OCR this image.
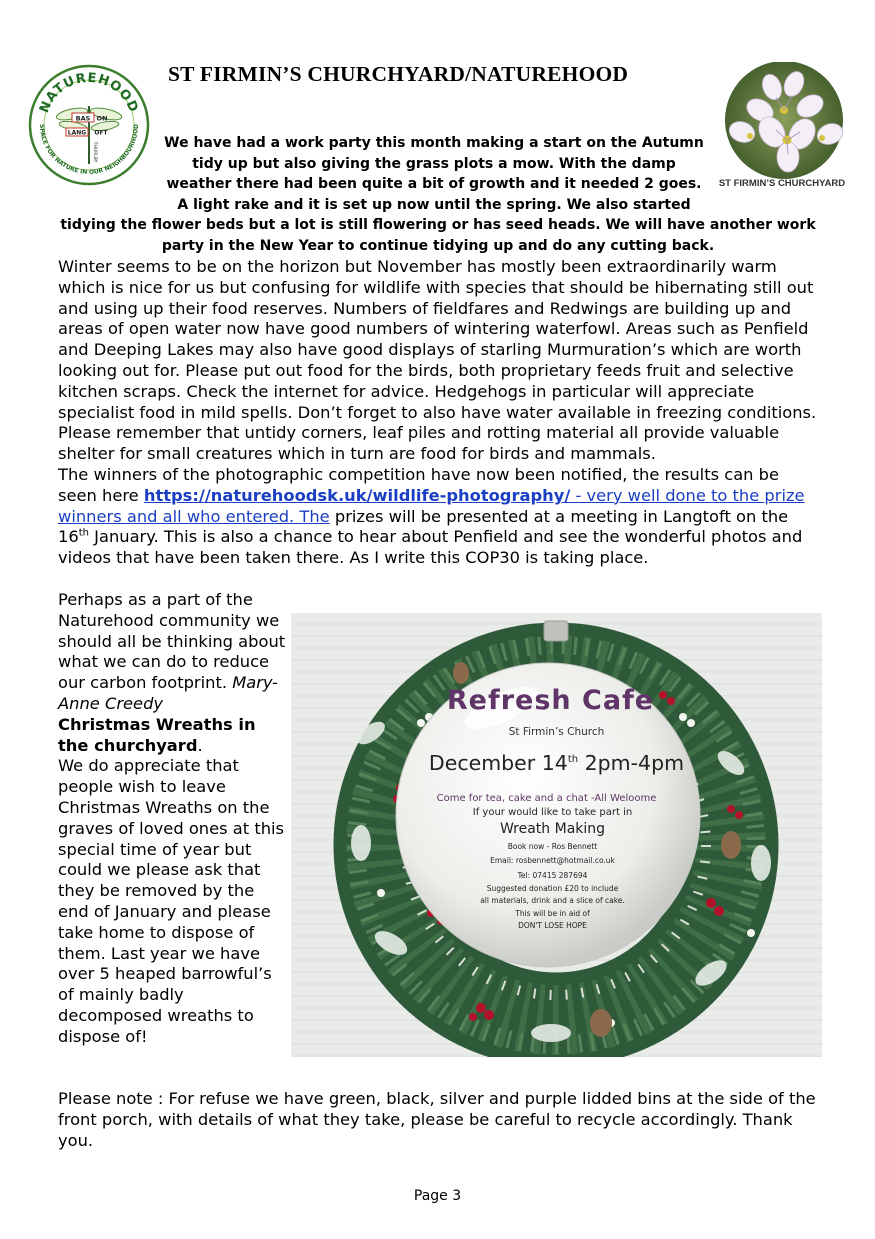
ST FIRMIN’S CHURCHYARD/NATUREHOOD
NATUREHOOD
SPACE FOR NATURE IN OUR NEIGHBOURHOOD
BAS ON
LANG OFT
THURLBY
ST FIRMIN’S CHURCHYARD
We have had a work party this month making a start on the Autumn
tidy up but also giving the grass plots a mow. With the damp
weather there had been quite a bit of growth and it needed 2 goes.
A light rake and it is set up now until the spring. We also started
tidying the flower beds but a lot is still flowering or has seed heads. We will have another work
party in the New Year to continue tidying up and do any cutting back.

Winter seems to be on the horizon but November has mostly been extraordinarily warm which is nice for us but confusing for wildlife with species that should be hibernating still out and using up their food reserves. Numbers of fieldfares and Redwings are building up and areas of open water now have good numbers of wintering waterfowl. Areas such as Penfield and Deeping Lakes may also have good displays of starling Murmuration’s which are worth looking out for. Please put out food for the birds, both proprietary feeds fruit and selective kitchen scraps. Check the internet for advice. Hedgehogs in particular will appreciate specialist food in mild spells. Don’t forget to also have water available in freezing conditions. Please remember that untidy corners, leaf piles and rotting material all provide valuable shelter for small creatures which in turn are food for birds and mammals.

The winners of the photographic competition have now been notified, the results can be seen here https://naturehoodsk.uk/wildlife-photography/ - very well done to the prize winners and all who entered. The prizes will be presented at a meeting in Langtoft on the 16th January. This is also a chance to hear about Penfield and see the wonderful photos and videos that have been taken there. As I write this COP30 is taking place.

Perhaps as a part of the Naturehood community we should all be thinking about what we can do to reduce our carbon footprint. Mary-Anne Creedy

Christmas Wreaths in the churchyard.

We do appreciate that people wish to leave Christmas Wreaths on the graves of loved ones at this special time of year but could we please ask that they be removed by the end of January and please take home to dispose of them. Last year we have over 5 heaped barrowful’s of mainly badly decomposed wreaths to dispose of!

Refresh Cafe
St Firmin’s Church
December 14th 2pm-4pm
Come for tea, cake and a chat -All Weloome
If your would like to take part in
Wreath Making
Book now - Ros Bennett
Email: rosbennett@hotmail.co.uk
Tel: 07415 287694
Suggested donation £20 to include
all materials, drink and a slice of cake.
This will be in aid of
DON'T LOSE HOPE
Please note : For refuse we have green, black, silver and purple lidded bins at the side of the front porch, with details of what they take, please be careful to recycle accordingly. Thank you.
Page 3
